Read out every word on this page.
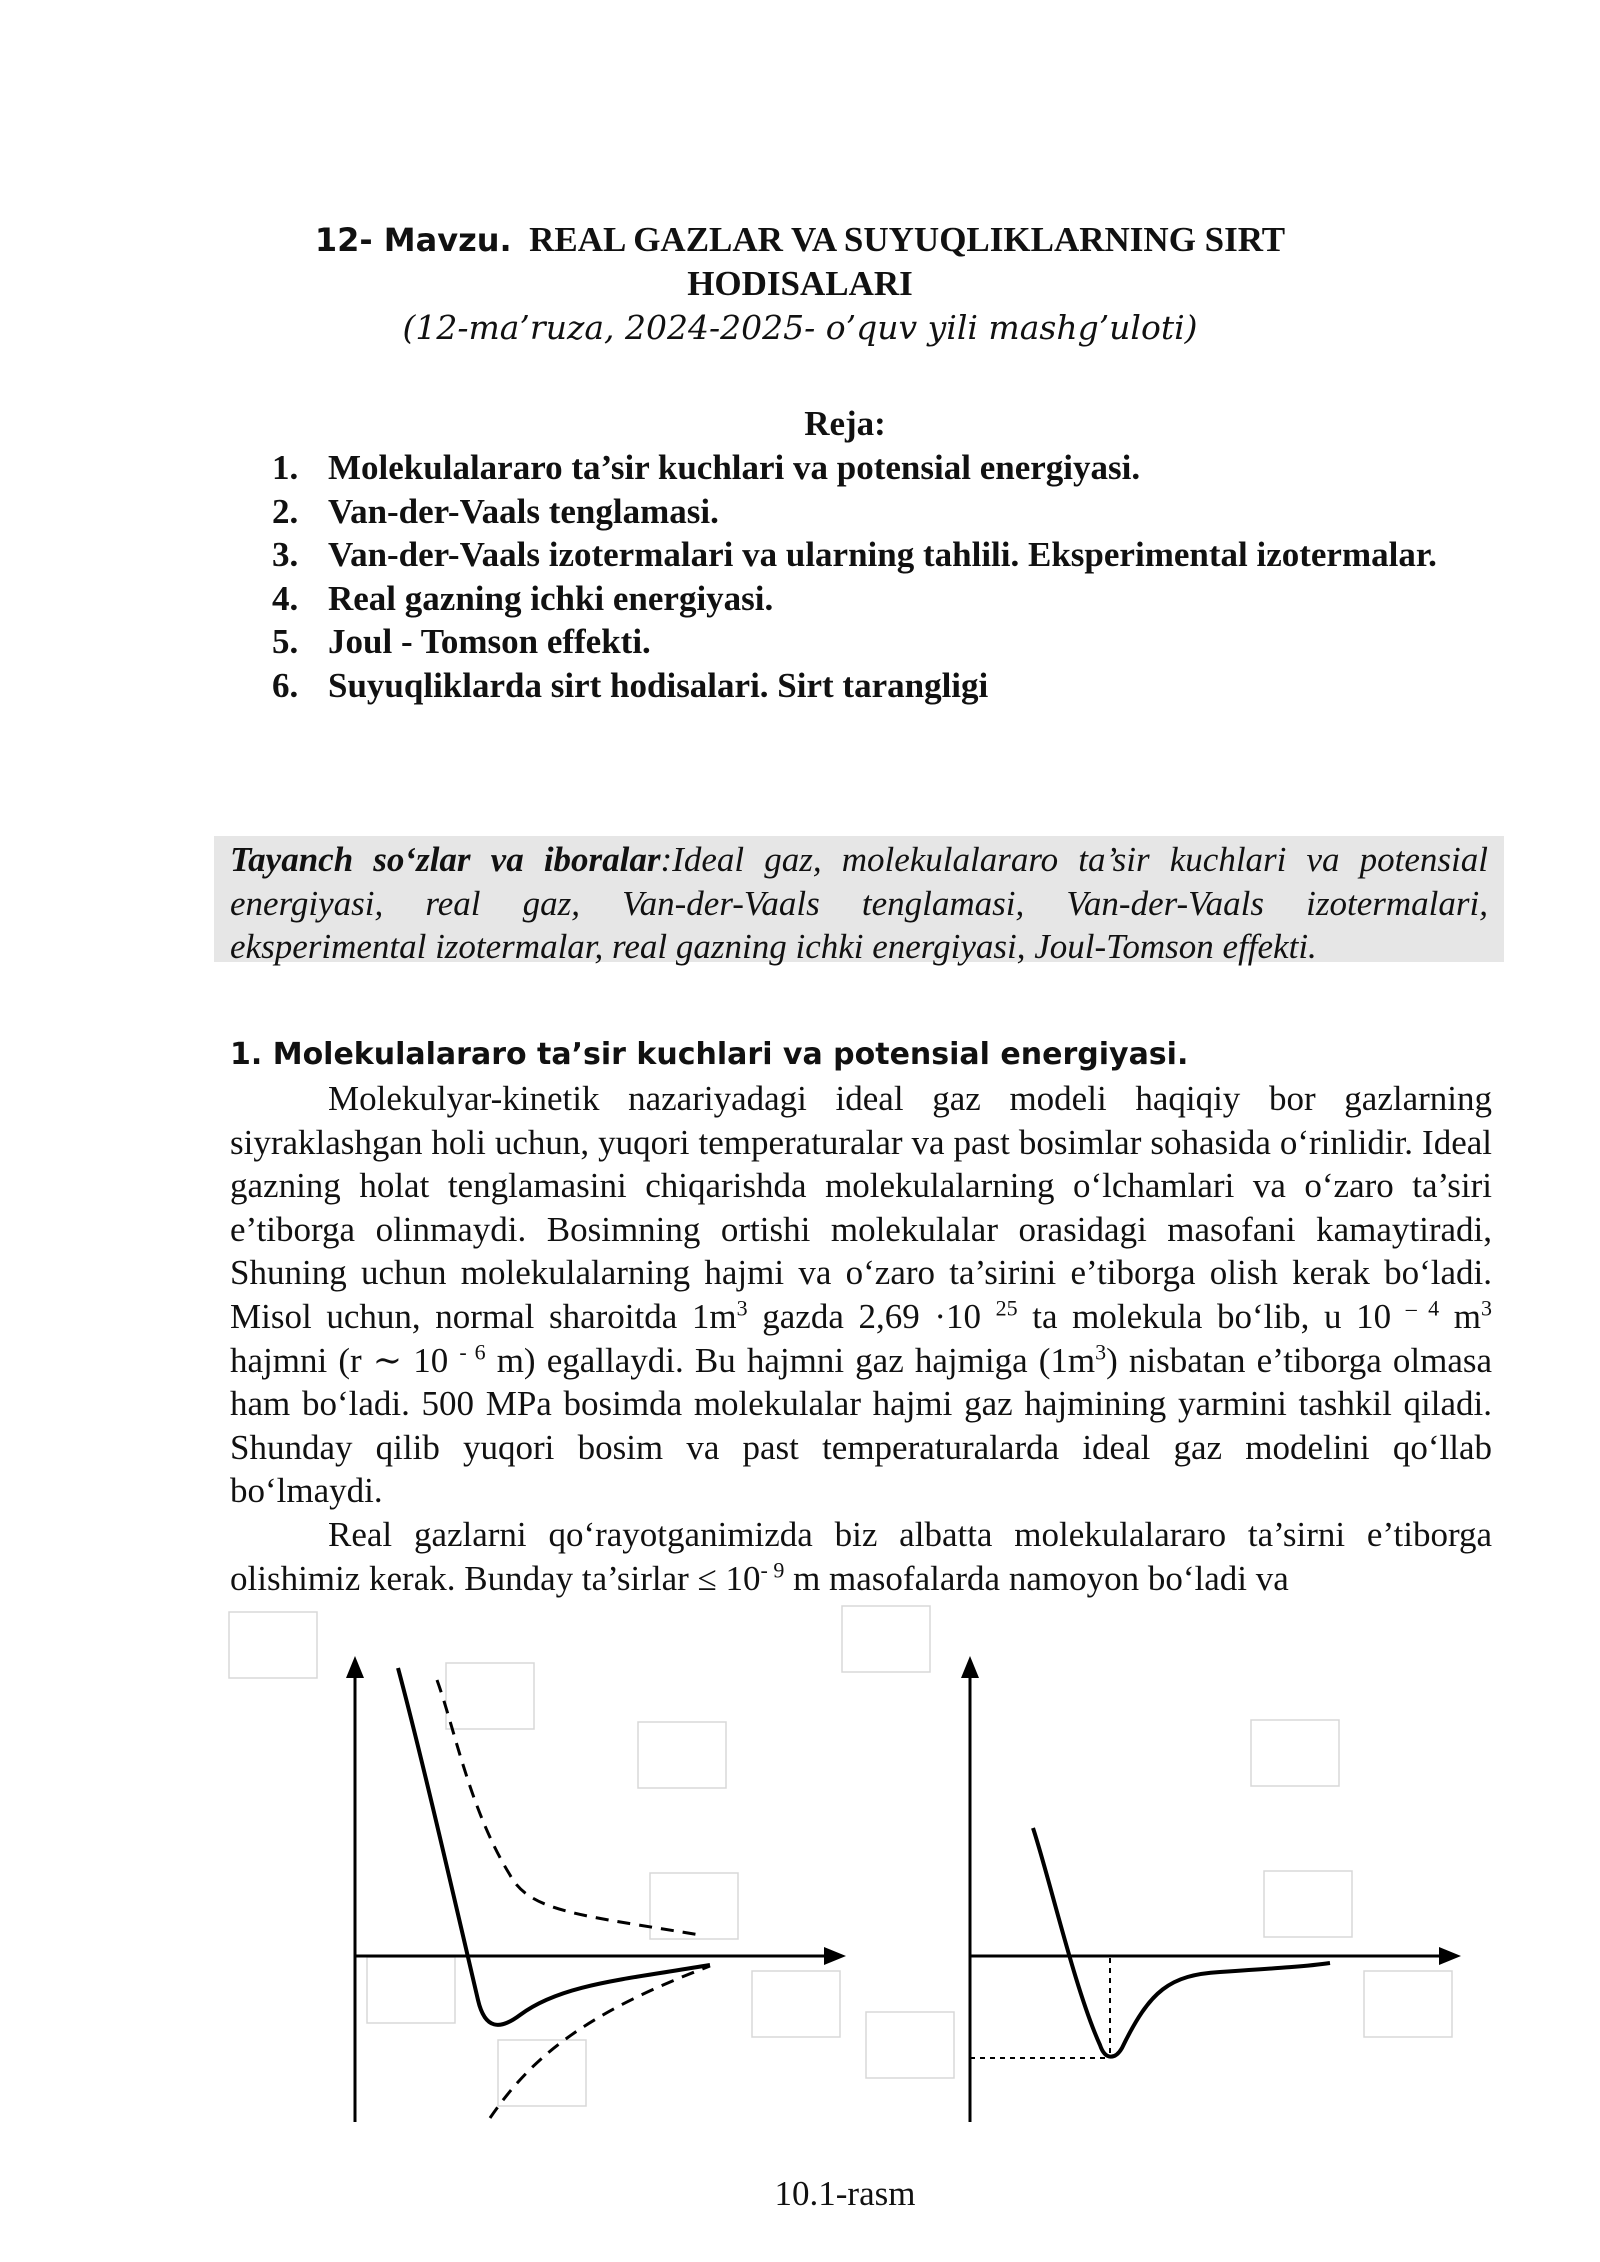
12- Mavzu. REAL GAZLAR VA SUYUQLIKLARNING SIRT
HODISALARI
(12-ma’ruza, 2024-2025- o’quv yili mashg’uloti)
Reja:
1. Molekulalararo ta’sir kuchlari va potensial energiyasi.
2. Van-der-Vaals tenglamasi.
3. Van-der-Vaals izotermalari va ularning tahlili. Eksperimental izotermalar.
4. Real gazning ichki energiyasi.
5. Joul - Tomson effekti.
6. Suyuqliklarda sirt hodisalari. Sirt tarangligi

Tayanch so‘zlar va iboralar:Ideal gaz, molekulalararo ta’sir kuchlari va potensial energiyasi, real gaz, Van-der-Vaals tenglamasi, Van-der-Vaals izotermalari, eksperimental izotermalar, real gazning ichki energiyasi, Joul-Tomson effekti.

1. Molekulalararo ta’sir kuchlari va potensial energiyasi.

Molekulyar-kinetik nazariyadagi ideal gaz modeli haqiqiy bor gazlarning siyraklashgan holi uchun, yuqori temperaturalar va past bosimlar sohasida o‘rinlidir. Ideal gazning holat tenglamasini chiqarishda molekulalarning o‘lchamlari va o‘zaro ta’siri e’tiborga olinmaydi. Bosimning ortishi molekulalar orasidagi masofani kamaytiradi, Shuning uchun molekulalarning hajmi va o‘zaro ta’sirini e’tiborga olish kerak bo‘ladi. Misol uchun, normal sharoitda $1m^3$ gazda 2,69 ·10 $^{25}$ ta molekula bo‘lib, u 10 $^{- 4}$ $m^3$ hajmni (r ∼ 10 $^{- 6}$ m) egallaydi. Bu hajmni gaz hajmiga $(1m^3)$ nisbatan e’tiborga olmasa ham bo‘ladi. 500 MPa bosimda molekulalar hajmi gaz hajmining yarmini tashkil qiladi. Shunday qilib yuqori bosim va past temperaturalarda ideal gaz modelini qo‘llab bo‘lmaydi.

Real gazlarni qo‘rayotganimizda biz albatta molekulalararo ta’sirni e’tiborga olishimiz kerak. Bunday ta’sirlar ≤ $10^{- 9}$ m masofalarda namoyon bo‘ladi va

10.1-rasm
